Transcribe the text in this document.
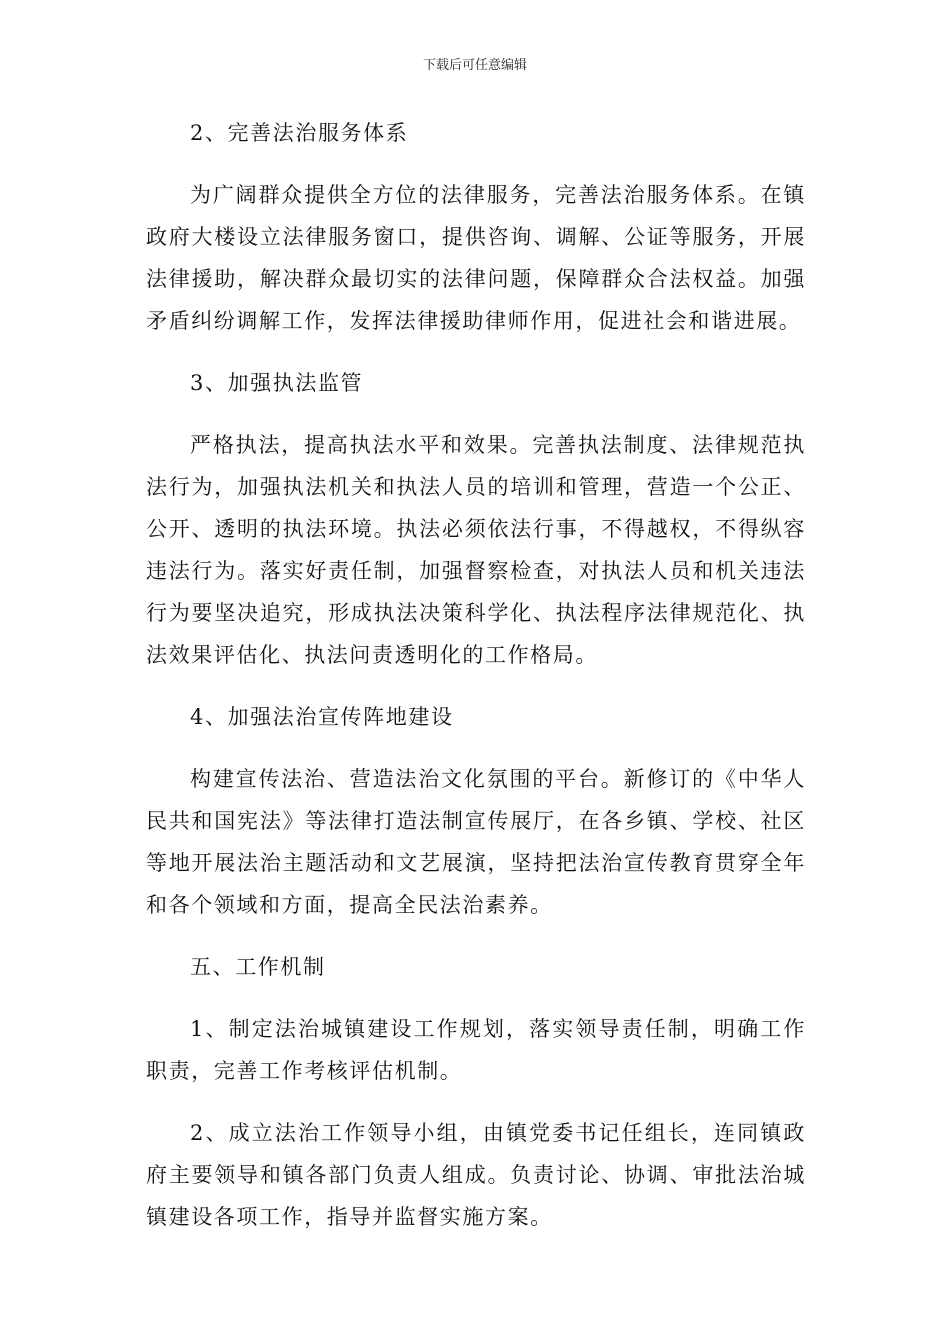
下载后可任意编辑

2、完善法治服务体系

为广阔群众提供全方位的法律服务，完善法治服务体系。在镇政府大楼设立法律服务窗口，提供咨询、调解、公证等服务，开展法律援助，解决群众最切实的法律问题，保障群众合法权益。加强矛盾纠纷调解工作，发挥法律援助律师作用，促进社会和谐进展。

3、加强执法监管

严格执法，提高执法水平和效果。完善执法制度、法律规范执法行为，加强执法机关和执法人员的培训和管理，营造一个公正、公开、透明的执法环境。执法必须依法行事，不得越权，不得纵容违法行为。落实好责任制，加强督察检查，对执法人员和机关违法行为要坚决追究，形成执法决策科学化、执法程序法律规范化、执法效果评估化、执法问责透明化的工作格局。

4、加强法治宣传阵地建设

构建宣传法治、营造法治文化氛围的平台。新修订的《中华人民共和国宪法》等法律打造法制宣传展厅，在各乡镇、学校、社区等地开展法治主题活动和文艺展演，坚持把法治宣传教育贯穿全年和各个领域和方面，提高全民法治素养。

五、工作机制

1、制定法治城镇建设工作规划，落实领导责任制，明确工作职责，完善工作考核评估机制。

2、成立法治工作领导小组，由镇党委书记任组长，连同镇政府主要领导和镇各部门负责人组成。负责讨论、协调、审批法治城镇建设各项工作，指导并监督实施方案。
